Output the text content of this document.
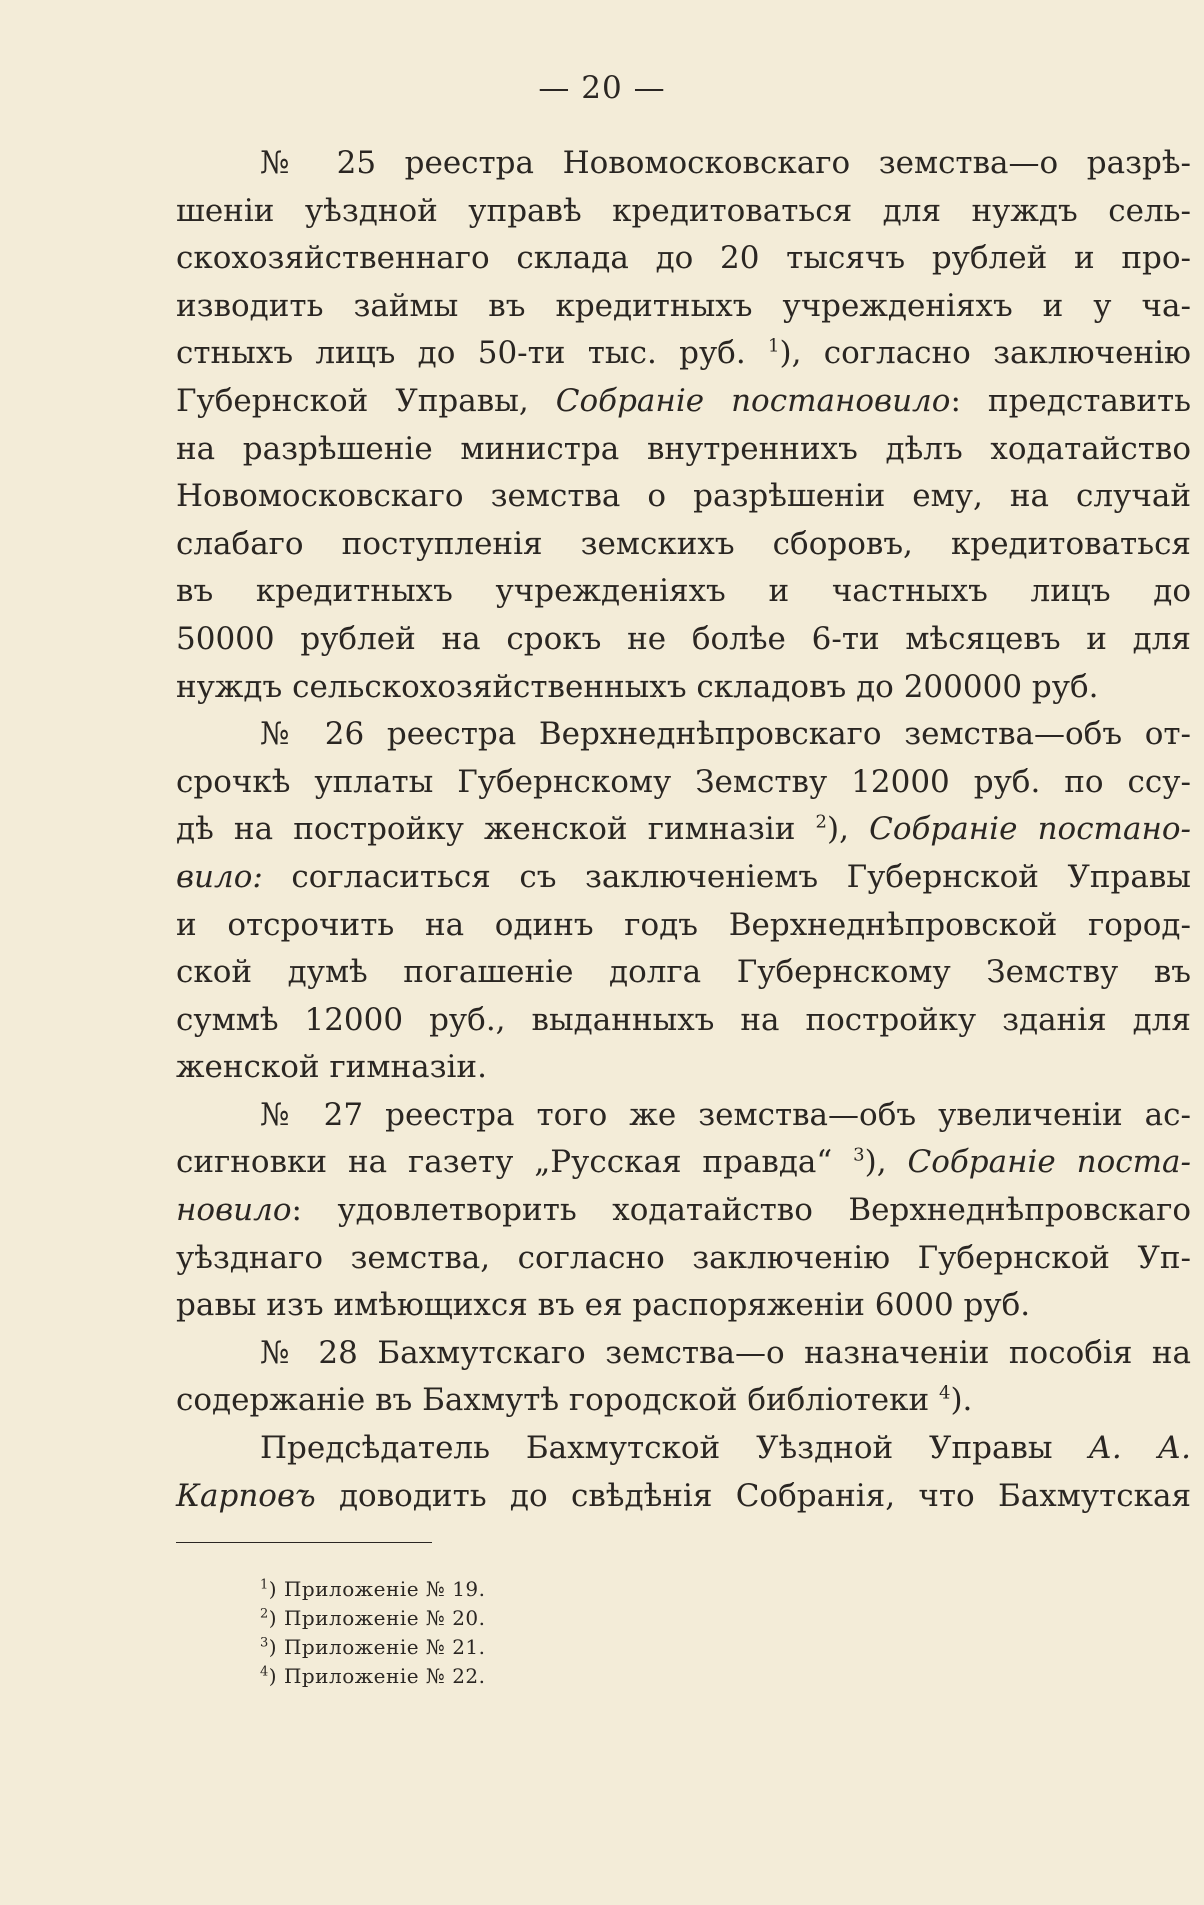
— 20 —
№ 25 реестра Новомосковскаго земства—о разрѣ-
шеніи уѣздной управѣ кредитоваться для нуждъ сель-
скохозяйственнаго склада до 20 тысячъ рублей и про-
изводить займы въ кредитныхъ учрежденіяхъ и у ча-
стныхъ лицъ до 50-ти тыс. руб. $^1$), согласно заключенію
Губернской Управы, Собраніе постановило: представить
на разрѣшеніе министра внутреннихъ дѣлъ ходатайство
Новомосковскаго земства о разрѣшеніи ему, на случай
слабаго поступленія земскихъ сборовъ, кредитоваться
въ кредитныхъ учрежденіяхъ и частныхъ лицъ до
50000 рублей на срокъ не болѣе 6-ти мѣсяцевъ и для
нуждъ сельскохозяйственныхъ складовъ до 200000 руб.
№ 26 реестра Верхнеднѣпровскаго земства—объ от-
срочкѣ уплаты Губернскому Земству 12000 руб. по ссу-
дѣ на постройку женской гимназіи $^2$), Собраніе постано-
вило: согласиться съ заключеніемъ Губернской Управы
и отсрочить на одинъ годъ Верхнеднѣпровской город-
ской думѣ погашеніе долга Губернскому Земству въ
суммѣ 12000 руб., выданныхъ на постройку зданія для
женской гимназіи.
№ 27 реестра того же земства—объ увеличеніи ас-
сигновки на газету „Русская правда“ $^3$), Собраніе поста-
новило: удовлетворить ходатайство Верхнеднѣпровскаго
уѣзднаго земства, согласно заключенію Губернской Уп-
равы изъ имѣющихся въ ея распоряженіи 6000 руб.
№ 28 Бахмутскаго земства—о назначеніи пособія на
содержаніе въ Бахмутѣ городской библіотеки $^4$).
Предсѣдатель Бахмутской Уѣздной Управы А. А.
Карповъ доводить до свѣдѣнія Собранія, что Бахмутская
$^1$) Приложеніе № 19.
$^2$) Приложеніе № 20.
$^3$) Приложеніе № 21.
$^4$) Приложеніе № 22.
